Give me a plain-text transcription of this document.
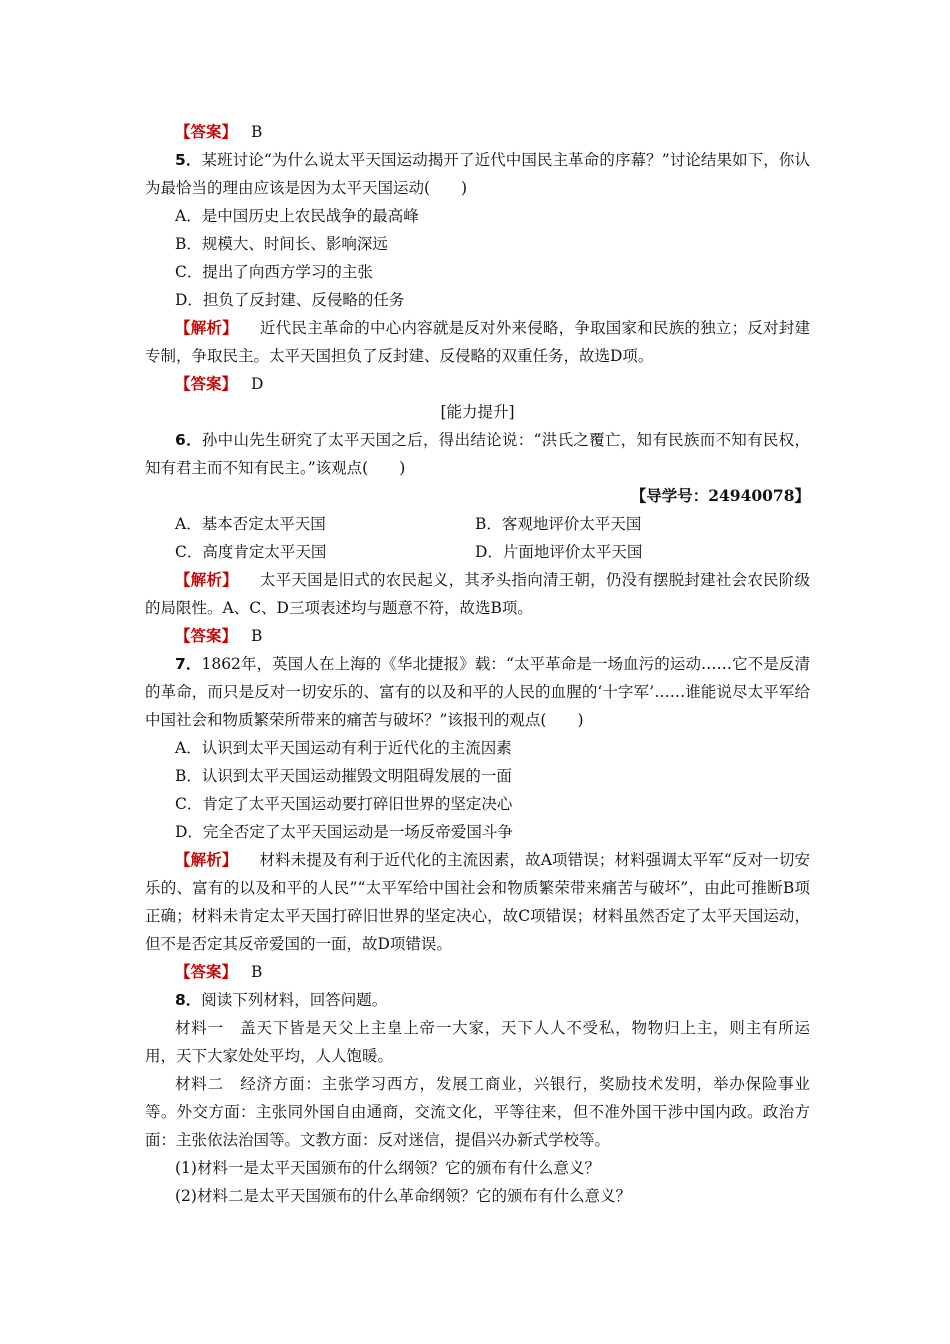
【答案】 B

5．某班讨论“为什么说太平天国运动揭开了近代中国民主革命的序幕？”讨论结果如下，你认为最恰当的理由应该是因为太平天国运动(　　)

A．是中国历史上农民战争的最高峰

B．规模大、时间长、影响深远

C．提出了向西方学习的主张

D．担负了反封建、反侵略的任务

【解析】 近代民主革命的中心内容就是反对外来侵略，争取国家和民族的独立；反对封建专制，争取民主。太平天国担负了反封建、反侵略的双重任务，故选D项。

【答案】 D

[能力提升]

6．孙中山先生研究了太平天国之后，得出结论说：“洪氏之覆亡，知有民族而不知有民权，知有君主而不知有民主。”该观点(　　)

【导学号：24940078】

A．基本否定太平天国	B．客观地评价太平天国
C．高度肯定太平天国	D．片面地评价太平天国

【解析】 太平天国是旧式的农民起义，其矛头指向清王朝，仍没有摆脱封建社会农民阶级的局限性。A、C、D三项表述均与题意不符，故选B项。

【答案】 B

7．1862年，英国人在上海的《华北捷报》载：“太平革命是一场血污的运动……它不是反清的革命，而只是反对一切安乐的、富有的以及和平的人民的血腥的‘十字军’……谁能说尽太平军给中国社会和物质繁荣所带来的痛苦与破坏？”该报刊的观点(　　)

A．认识到太平天国运动有利于近代化的主流因素

B．认识到太平天国运动摧毁文明阻碍发展的一面

C．肯定了太平天国运动要打碎旧世界的坚定决心

D．完全否定了太平天国运动是一场反帝爱国斗争

【解析】 材料未提及有利于近代化的主流因素，故A项错误；材料强调太平军“反对一切安乐的、富有的以及和平的人民”“太平军给中国社会和物质繁荣带来痛苦与破坏”，由此可推断B项正确；材料未肯定太平天国打碎旧世界的坚定决心，故C项错误；材料虽然否定了太平天国运动，但不是否定其反帝爱国的一面，故D项错误。

【答案】 B

8．阅读下列材料，回答问题。

材料一　盖天下皆是天父上主皇上帝一大家，天下人人不受私，物物归上主，则主有所运用，天下大家处处平均，人人饱暖。

材料二　经济方面：主张学习西方，发展工商业，兴银行，奖励技术发明，举办保险事业等。外交方面：主张同外国自由通商，交流文化，平等往来，但不准外国干涉中国内政。政治方面：主张依法治国等。文教方面：反对迷信，提倡兴办新式学校等。

(1)材料一是太平天国颁布的什么纲领？它的颁布有什么意义？

(2)材料二是太平天国颁布的什么革命纲领？它的颁布有什么意义？
